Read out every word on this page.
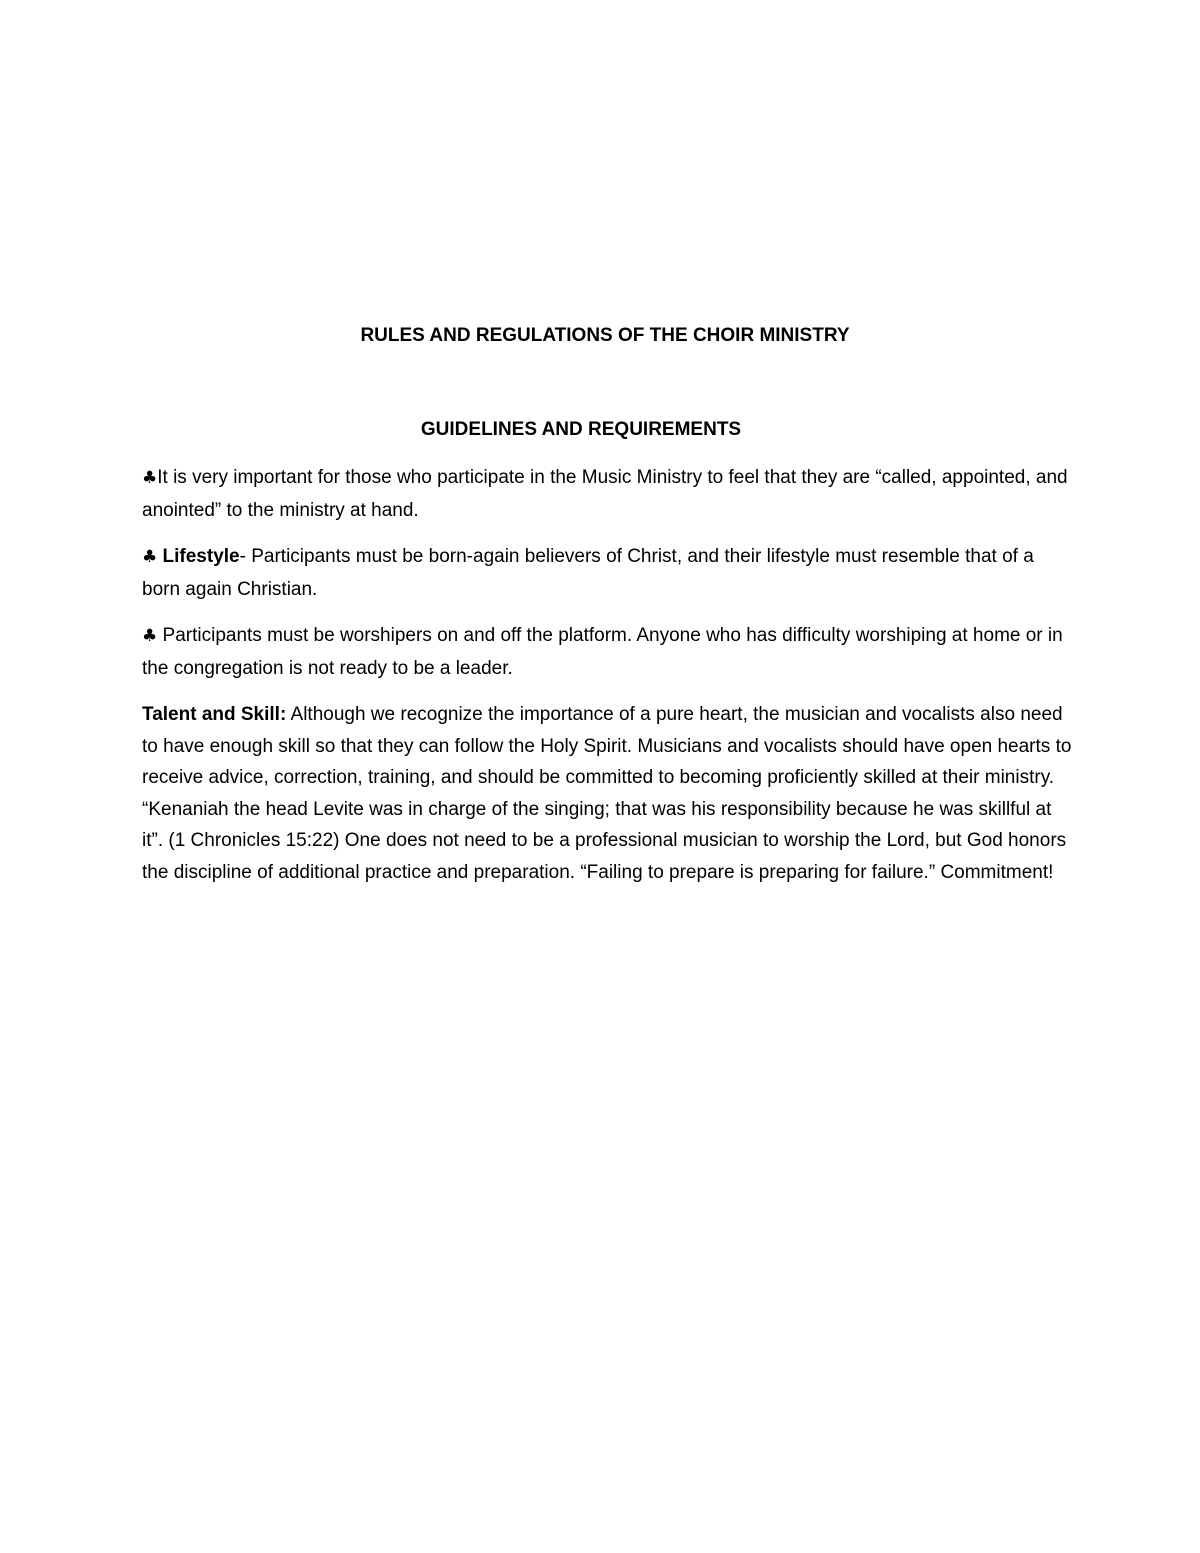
RULES AND REGULATIONS OF THE CHOIR MINISTRY
GUIDELINES AND REQUIREMENTS

♣It is very important for those who participate in the Music Ministry to feel that they are “called, appointed, and anointed” to the ministry at hand.

♣ Lifestyle- Participants must be born-again believers of Christ, and their lifestyle must resemble that of a born again Christian.

♣ Participants must be worshipers on and off the platform. Anyone who has difficulty worshiping at home or in the congregation is not ready to be a leader.

Talent and Skill: Although we recognize the importance of a pure heart, the musician and vocalists also need to have enough skill so that they can follow the Holy Spirit. Musicians and vocalists should have open hearts to receive advice, correction, training, and should be committed to becoming proficiently skilled at their ministry. “Kenaniah the head Levite was in charge of the singing; that was his responsibility because he was skillful at it”. (1 Chronicles 15:22) One does not need to be a professional musician to worship the Lord, but God honors the discipline of additional practice and preparation. “Failing to prepare is preparing for failure.” Commitment!
